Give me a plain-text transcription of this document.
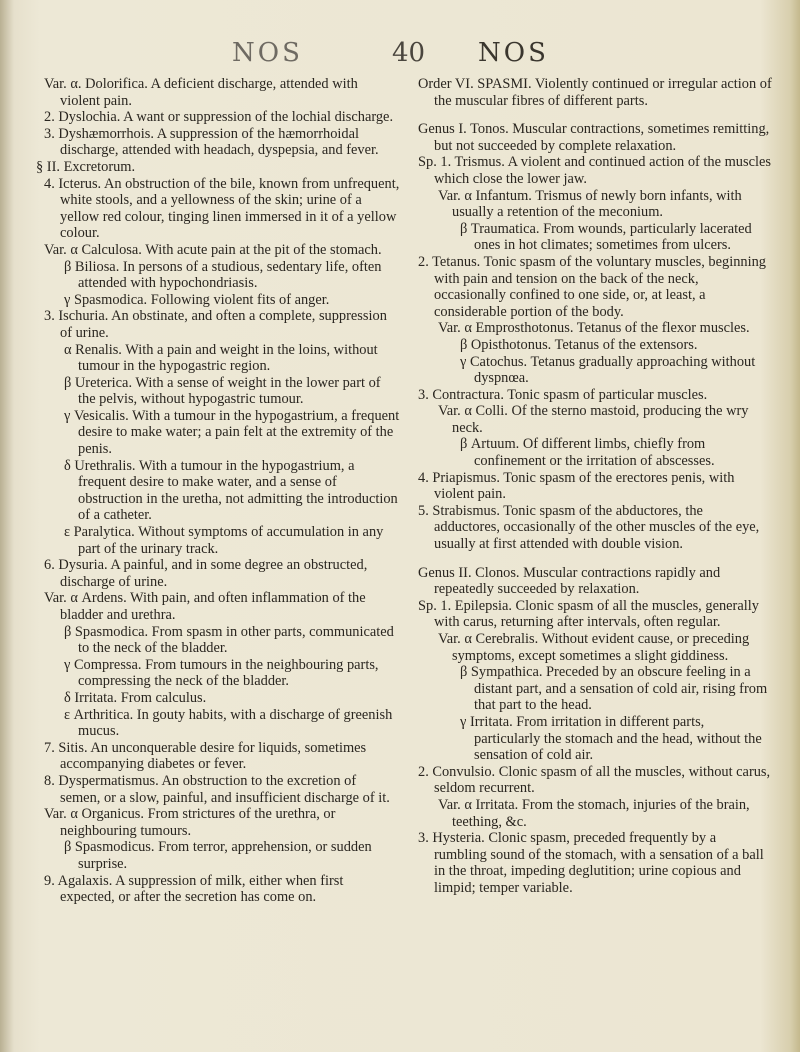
NOS	40 NOS
Var. α. Dolorifica. A deficient discharge, attended with violent pain.
2. Dyslochia. A want or suppression of the lochial discharge.
3. Dyshæmorrhois. A suppression of the hæmorrhoidal discharge, attended with headach, dyspepsia, and fever.
§ II. Excretorum.
4. Icterus. An obstruction of the bile, known from unfrequent, white stools, and a yellowness of the skin; urine of a yellow red colour, tinging linen immersed in it of a yellow colour.
Var. α Calculosa. With acute pain at the pit of the stomach.
β Biliosa. In persons of a studious, sedentary life, often attended with hypochondriasis.
γ Spasmodica. Following violent fits of anger.
3. Ischuria. An obstinate, and often a complete, suppression of urine.
α Renalis. With a pain and weight in the loins, without tumour in the hypogastric region.
β Ureterica. With a sense of weight in the lower part of the pelvis, without hypogastric tumour.
γ Vesicalis. With a tumour in the hypogastrium, a frequent desire to make water; a pain felt at the extremity of the penis.
δ Urethralis. With a tumour in the hypogastrium, a frequent desire to make water, and a sense of obstruction in the uretha, not admitting the introduction of a catheter.
ε Paralytica. Without symptoms of accumulation in any part of the urinary track.
6. Dysuria. A painful, and in some degree an obstructed, discharge of urine.
Var. α Ardens. With pain, and often inflammation of the bladder and urethra.
β Spasmodica. From spasm in other parts, communicated to the neck of the bladder.
γ Compressa. From tumours in the neighbouring parts, compressing the neck of the bladder.
δ Irritata. From calculus.
ε Arthritica. In gouty habits, with a discharge of greenish mucus.
7. Sitis. An unconquerable desire for liquids, sometimes accompanying diabetes or fever.
8. Dyspermatismus. An obstruction to the excretion of semen, or a slow, painful, and insufficient discharge of it.
Var. α Organicus. From strictures of the urethra, or neighbouring tumours.
β Spasmodicus. From terror, apprehension, or sudden surprise.
9. Agalaxis. A suppression of milk, either when first expected, or after the secretion has come on.
Order VI. SPASMI. Violently continued or irregular action of the muscular fibres of different parts.
Genus I. Tonos. Muscular contractions, sometimes remitting, but not succeeded by complete relaxation.
Sp. 1. Trismus. A violent and continued action of the muscles which close the lower jaw.
Var. α Infantum. Trismus of newly born infants, with usually a retention of the meconium.
β Traumatica. From wounds, particularly lacerated ones in hot climates; sometimes from ulcers.
2. Tetanus. Tonic spasm of the voluntary muscles, beginning with pain and tension on the back of the neck, occasionally confined to one side, or, at least, a considerable portion of the body.
Var. α Emprosthotonus. Tetanus of the flexor muscles.
β Opisthotonus. Tetanus of the extensors.
γ Catochus. Tetanus gradually approaching without dyspnœa.
3. Contractura. Tonic spasm of particular muscles.
Var. α Colli. Of the sterno mastoid, producing the wry neck.
β Artuum. Of different limbs, chiefly from confinement or the irritation of abscesses.
4. Priapismus. Tonic spasm of the erectores penis, with violent pain.
5. Strabismus. Tonic spasm of the abductores, the adductores, occasionally of the other muscles of the eye, usually at first attended with double vision.
Genus II. Clonos. Muscular contractions rapidly and repeatedly succeeded by relaxation.
Sp. 1. Epilepsia. Clonic spasm of all the muscles, generally with carus, returning after intervals, often regular.
Var. α Cerebralis. Without evident cause, or preceding symptoms, except sometimes a slight giddiness.
β Sympathica. Preceded by an obscure feeling in a distant part, and a sensation of cold air, rising from that part to the head.
γ Irritata. From irritation in different parts, particularly the stomach and the head, without the sensation of cold air.
2. Convulsio. Clonic spasm of all the muscles, without carus, seldom recurrent.
Var. α Irritata. From the stomach, injuries of the brain, teething, &c.
3. Hysteria. Clonic spasm, preceded frequently by a rumbling sound of the stomach, with a sensation of a ball in the throat, impeding deglutition; urine copious and limpid; temper variable.
